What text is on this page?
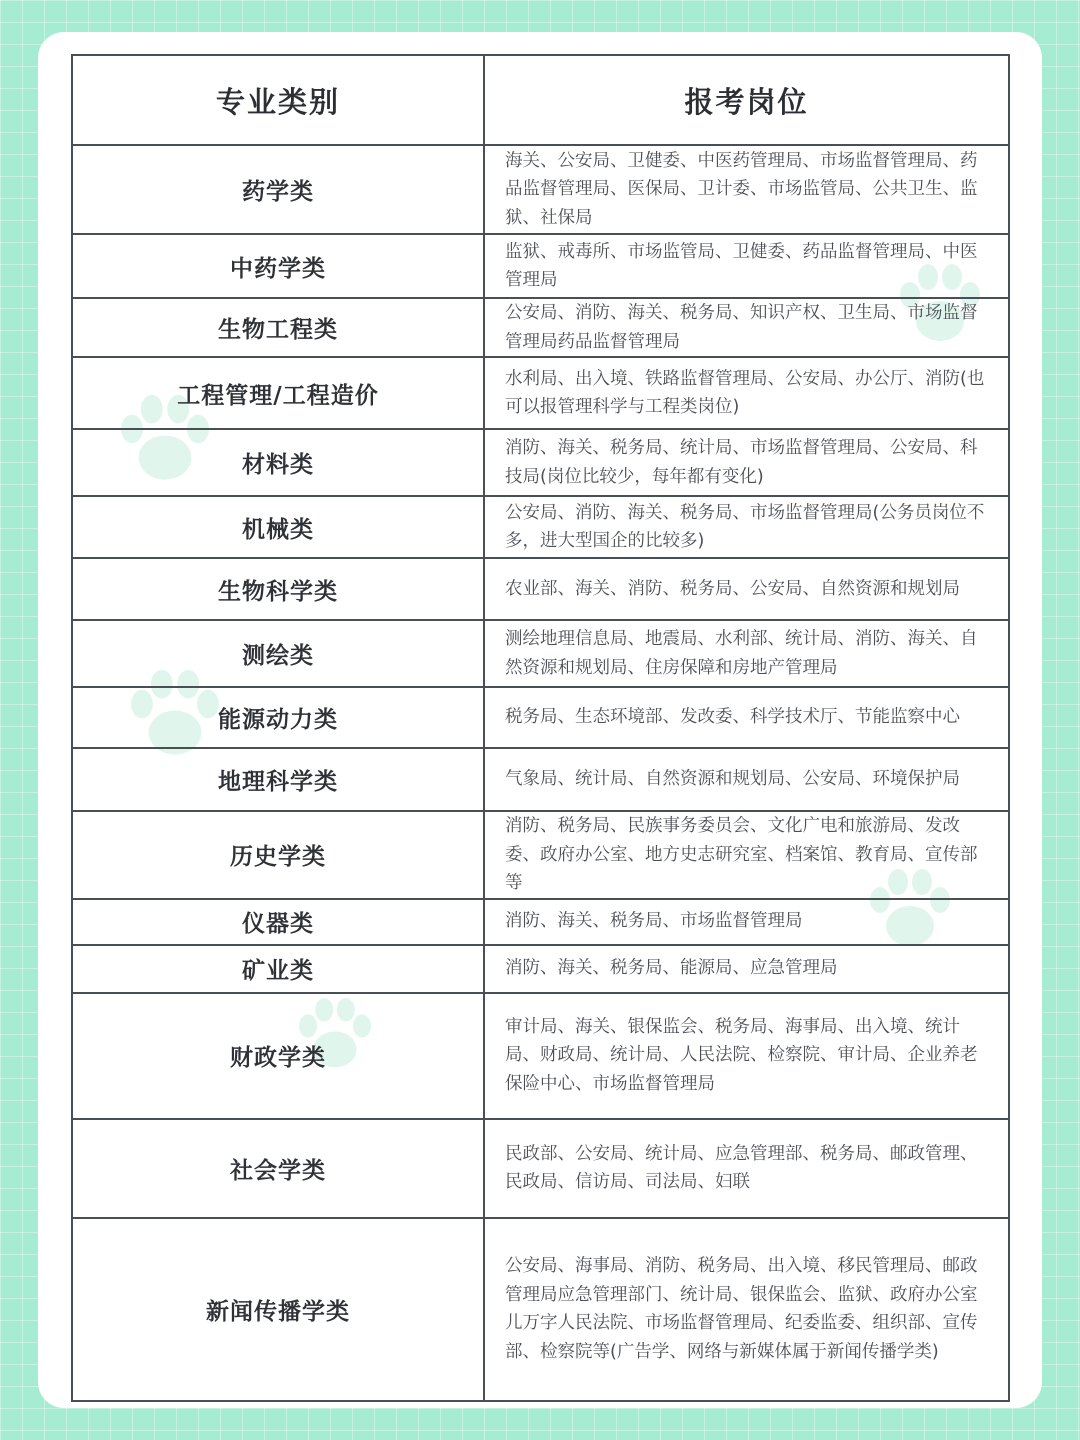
专业类别	报考岗位
药学类	海关、公安局、卫健委、中医药管理局、市场监督管理局、药品监督管理局、医保局、卫计委、市场监管局、公共卫生、监狱、社保局
中药学类	监狱、戒毒所、市场监管局、卫健委、药品监督管理局、中医管理局
生物工程类	公安局、消防、海关、税务局、知识产权、卫生局、市场监督管理局药品监督管理局
工程管理/工程造价	水利局、出入境、铁路监督管理局、公安局、办公厅、消防(也可以报管理科学与工程类岗位)
材料类	消防、海关、税务局、统计局、市场监督管理局、公安局、科技局(岗位比较少，每年都有变化)
机械类	公安局、消防、海关、税务局、市场监督管理局(公务员岗位不多，进大型国企的比较多)
生物科学类	农业部、海关、消防、税务局、公安局、自然资源和规划局
测绘类	测绘地理信息局、地震局、水利部、统计局、消防、海关、自然资源和规划局、住房保障和房地产管理局
能源动力类	税务局、生态环境部、发改委、科学技术厅、节能监察中心
地理科学类	气象局、统计局、自然资源和规划局、公安局、环境保护局
历史学类	消防、税务局、民族事务委员会、文化广电和旅游局、发改委、政府办公室、地方史志研究室、档案馆、教育局、宣传部等
仪器类	消防、海关、税务局、市场监督管理局
矿业类	消防、海关、税务局、能源局、应急管理局
财政学类	审计局、海关、银保监会、税务局、海事局、出入境、统计局、财政局、统计局、人民法院、检察院、审计局、企业养老保险中心、市场监督管理局
社会学类	民政部、公安局、统计局、应急管理部、税务局、邮政管理、民政局、信访局、司法局、妇联
新闻传播学类	公安局、海事局、消防、税务局、出入境、移民管理局、邮政管理局应急管理部门、统计局、银保监会、监狱、政府办公室儿万字人民法院、市场监督管理局、纪委监委、组织部、宣传部、检察院等(广告学、网络与新媒体属于新闻传播学类)
